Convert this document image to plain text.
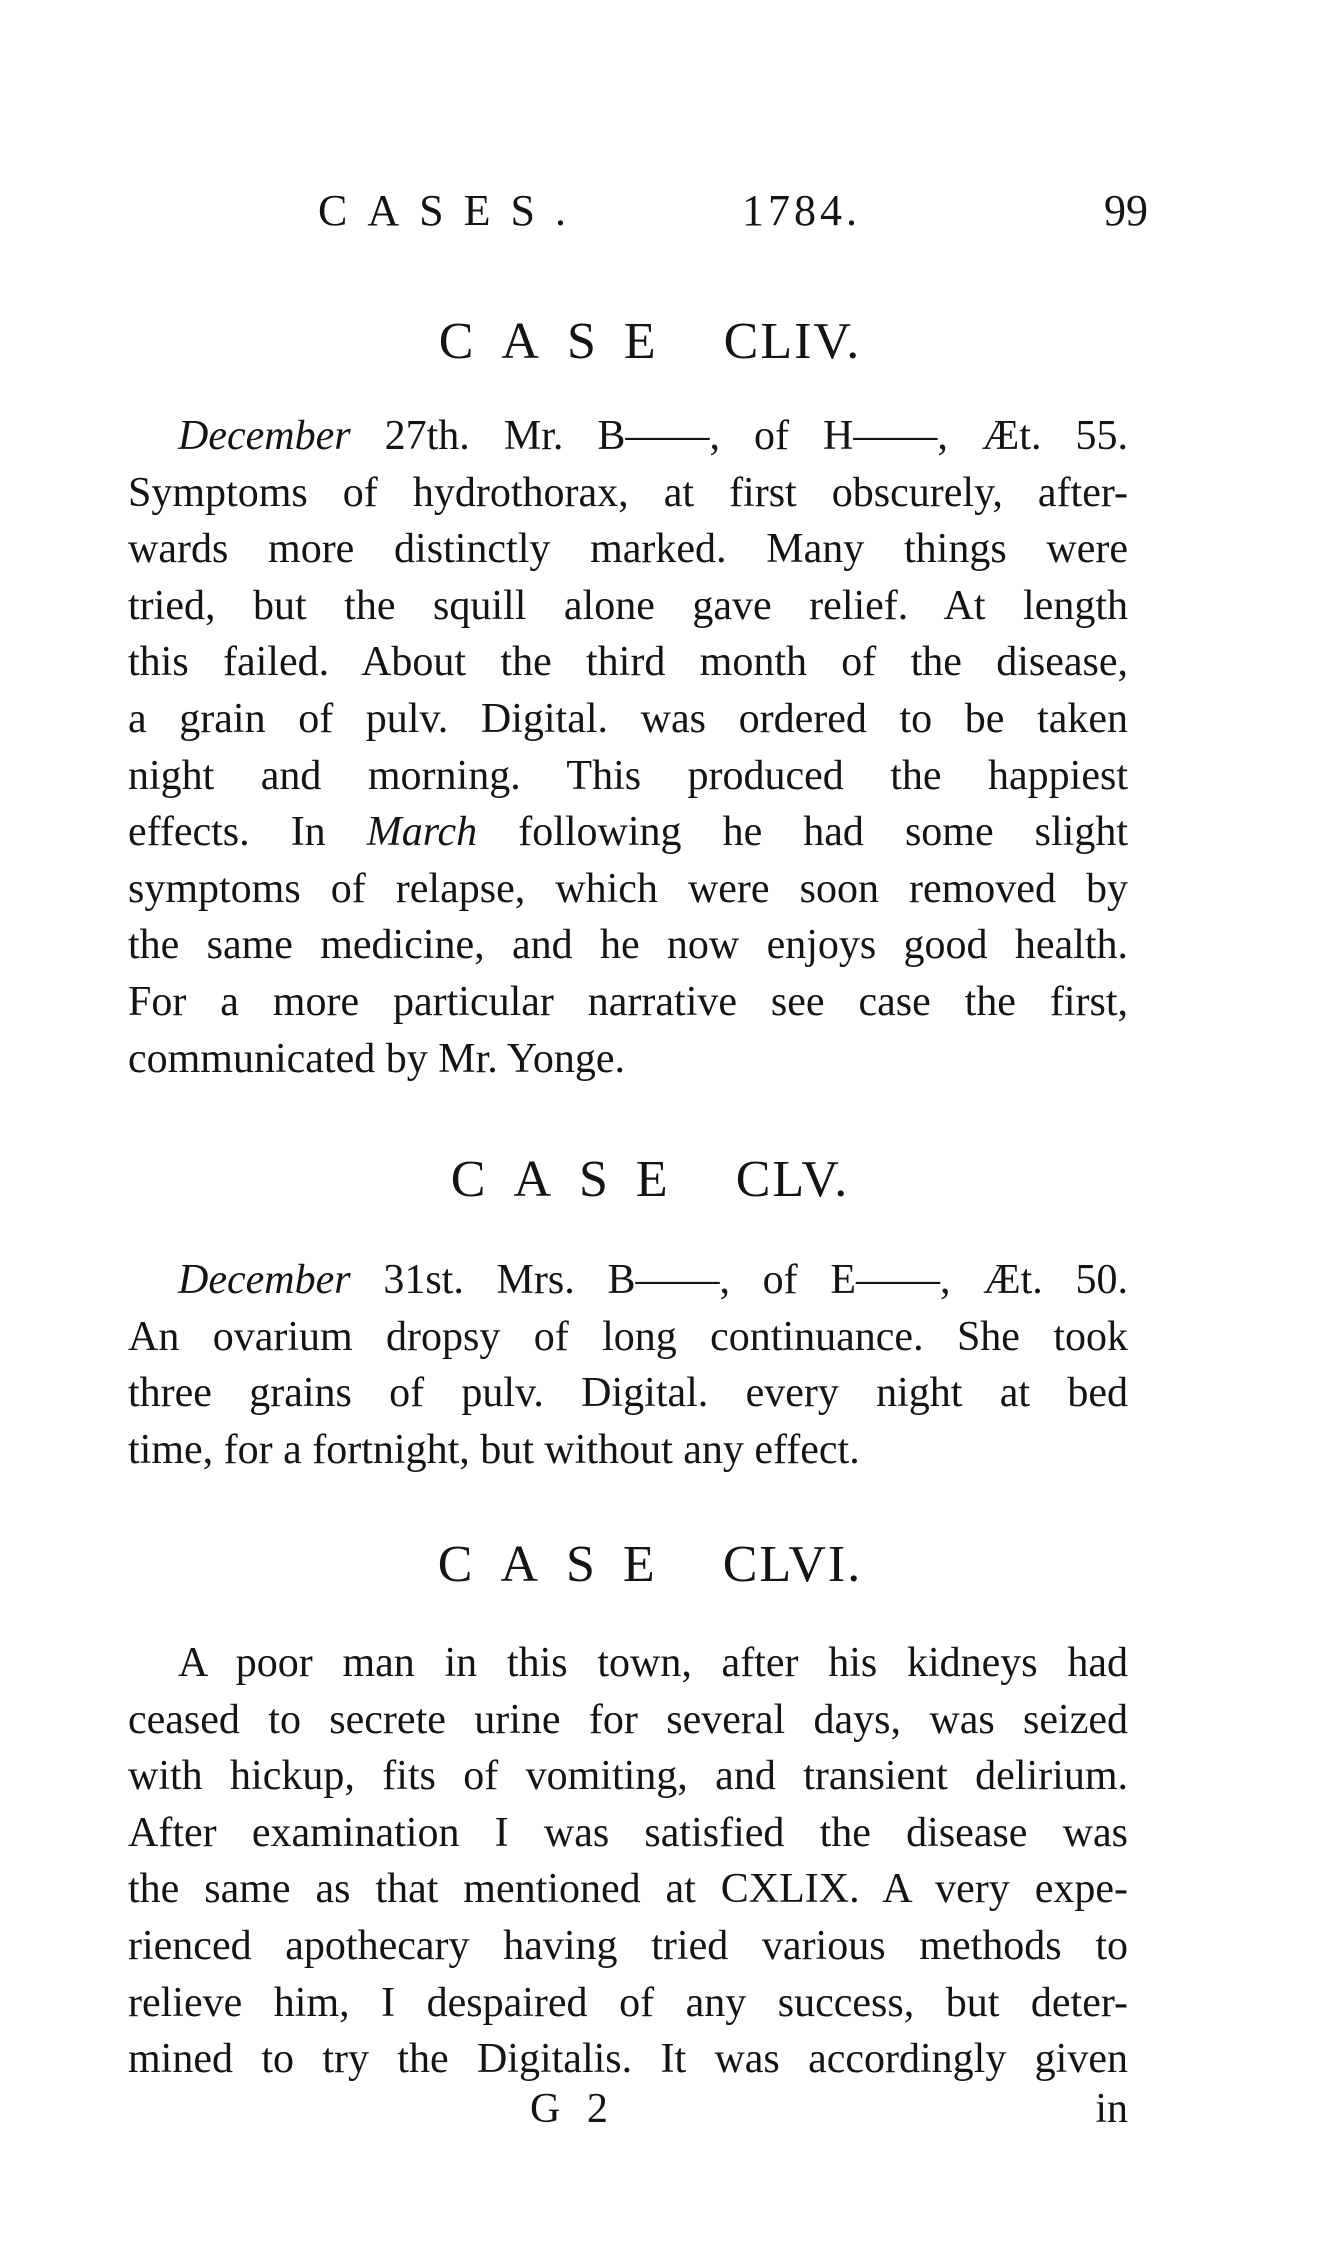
CASES.	1784.	99
CASE CLIV.
December 27th. Mr. B——, of H——, Æt. 55.
Symptoms of hydrothorax, at first obscurely, after-
wards more distinctly marked. Many things were
tried, but the squill alone gave relief. At length
this failed. About the third month of the disease,
a grain of pulv. Digital. was ordered to be taken
night and morning. This produced the happiest
effects. In March following he had some slight
symptoms of relapse, which were soon removed by
the same medicine, and he now enjoys good health.
For a more particular narrative see case the first,
communicated by Mr. Yonge.
CASE CLV.
December 31st. Mrs. B——, of E——, Æt. 50.
An ovarium dropsy of long continuance. She took
three grains of pulv. Digital. every night at bed
time, for a fortnight, but without any effect.
CASE CLVI.
A poor man in this town, after his kidneys had
ceased to secrete urine for several days, was seized
with hickup, fits of vomiting, and transient delirium.
After examination I was satisfied the disease was
the same as that mentioned at CXLIX. A very expe-
rienced apothecary having tried various methods to
relieve him, I despaired of any success, but deter-
mined to try the Digitalis. It was accordingly given
G 2	in
